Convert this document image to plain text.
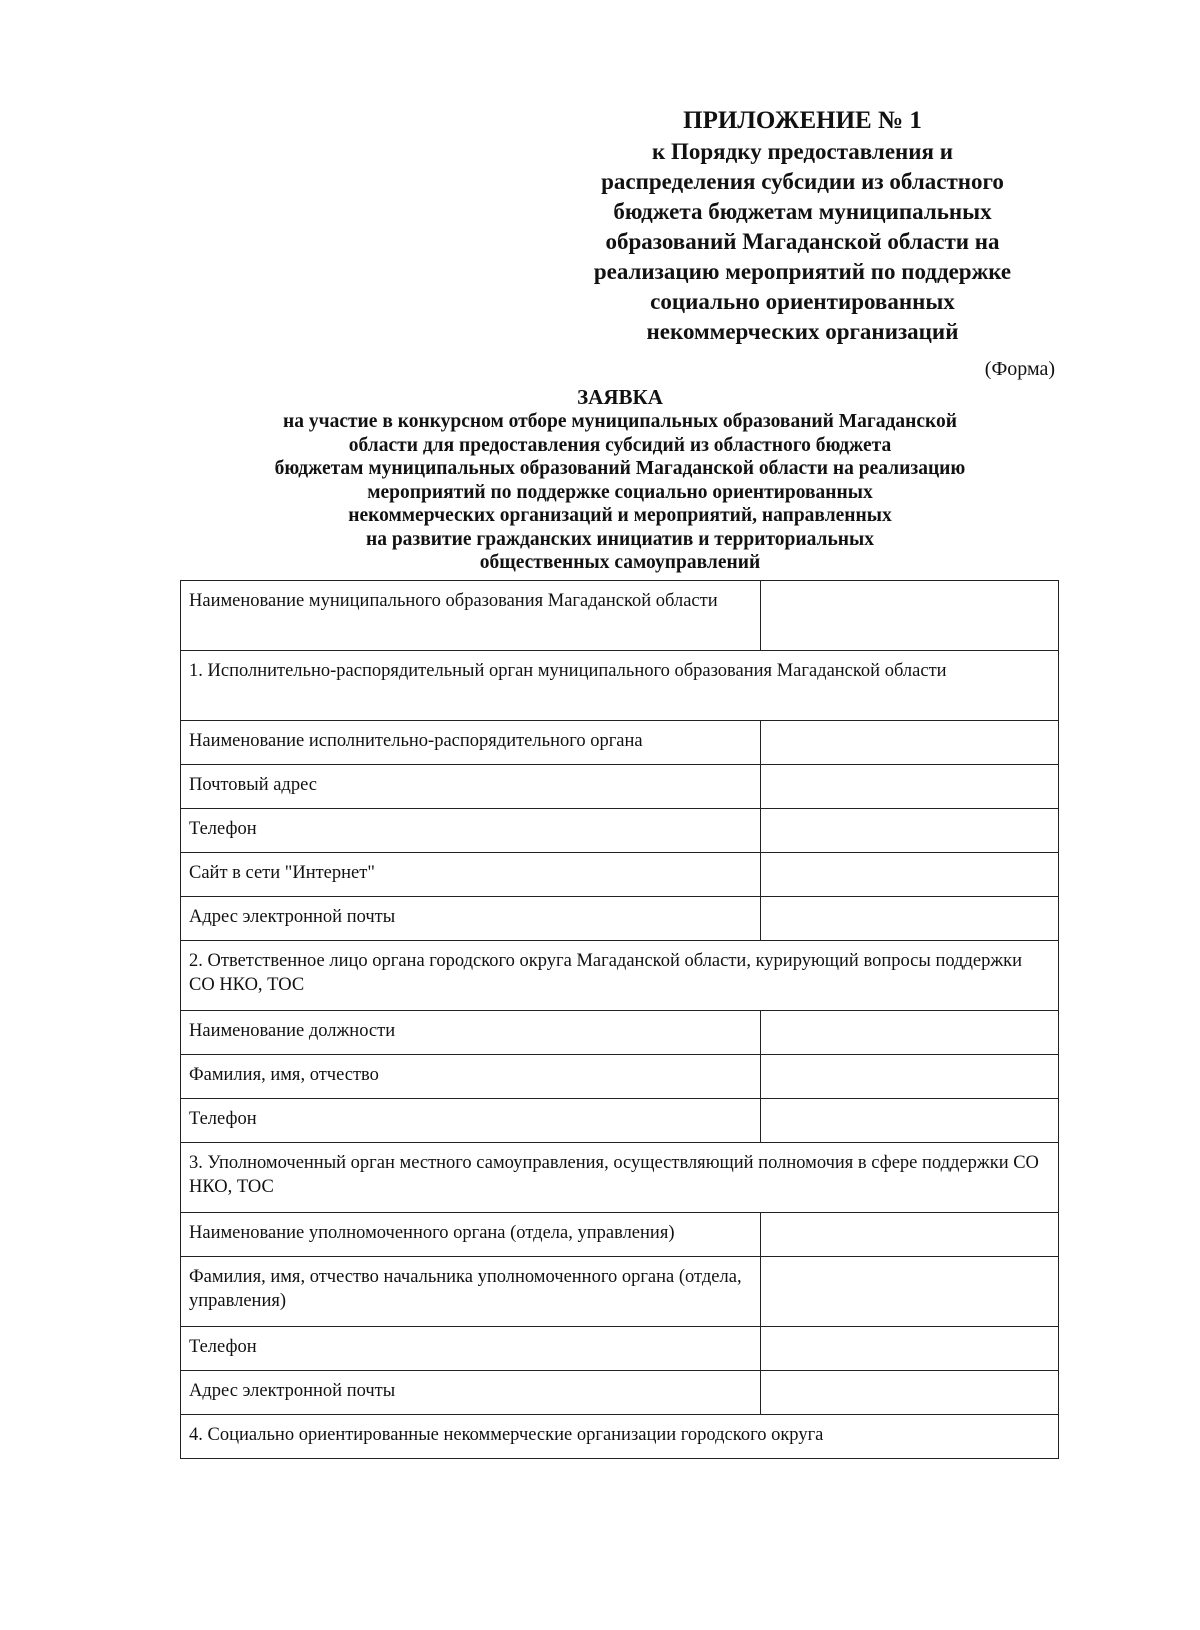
ПРИЛОЖЕНИЕ № 1
к Порядку предоставления и
распределения субсидии из областного
бюджета бюджетам муниципальных
образований Магаданской области на
реализацию мероприятий по поддержке
социально ориентированных
некоммерческих организаций
(Форма)
ЗАЯВКА
на участие в конкурсном отборе муниципальных образований Магаданской
области для предоставления субсидий из областного бюджета
бюджетам муниципальных образований Магаданской области на реализацию
мероприятий по поддержке социально ориентированных
некоммерческих организаций и мероприятий, направленных
на развитие гражданских инициатив и территориальных
общественных самоуправлений
Наименование муниципального образования Магаданской области	
1. Исполнительно-распорядительный орган муниципального образования Магаданской области	
Наименование исполнительно-распорядительного органа	
Почтовый адрес	
Телефон	
Сайт в сети "Интернет"	
Адрес электронной почты	
2. Ответственное лицо органа городского округа Магаданской области, курирующий вопросы поддержки СО НКО, ТОС	
Наименование должности	
Фамилия, имя, отчество	
Телефон	
3. Уполномоченный орган местного самоуправления, осуществляющий полномочия в сфере поддержки СО НКО, ТОС	
Наименование уполномоченного органа (отдела, управления)	
Фамилия, имя, отчество начальника уполномоченного органа (отдела, управления)	
Телефон	
Адрес электронной почты	
4. Социально ориентированные некоммерческие организации городского округа	
